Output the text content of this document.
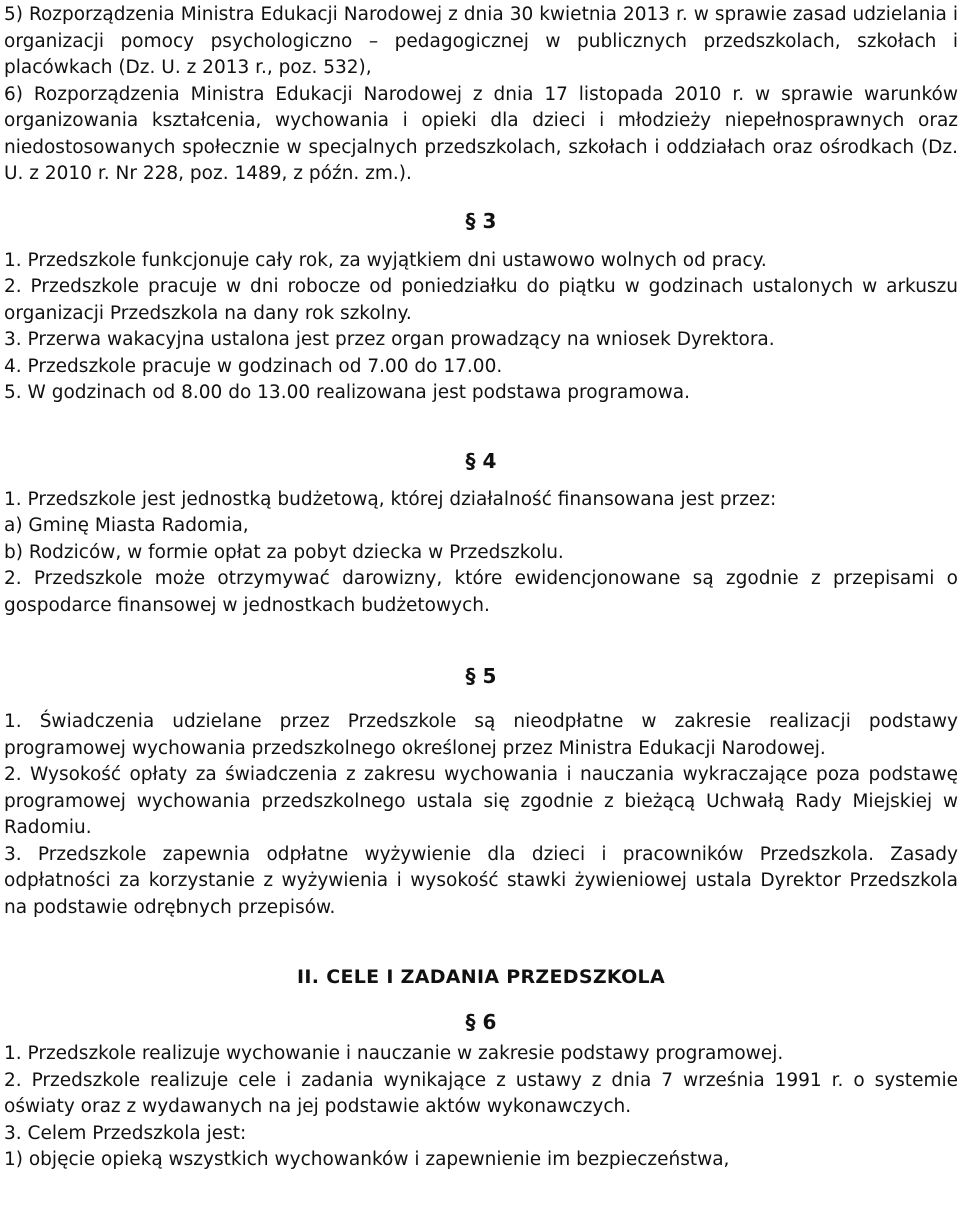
5) Rozporządzenia Ministra Edukacji Narodowej z dnia 30 kwietnia 2013 r. w sprawie zasad udzielania i organizacji pomocy psychologiczno – pedagogicznej w publicznych przedszkolach, szkołach i placówkach (Dz. U. z 2013 r., poz. 532),

6) Rozporządzenia Ministra Edukacji Narodowej z dnia 17 listopada 2010 r. w sprawie warunków organizowania kształcenia, wychowania i opieki dla dzieci i młodzieży niepełnosprawnych oraz niedostosowanych społecznie w specjalnych przedszkolach, szkołach i oddziałach oraz ośrodkach (Dz. U. z 2010 r. Nr 228, poz. 1489, z późn. zm.).

§ 3

1. Przedszkole funkcjonuje cały rok, za wyjątkiem dni ustawowo wolnych od pracy.

2. Przedszkole pracuje w dni robocze od poniedziałku do piątku w godzinach ustalonych w arkuszu organizacji Przedszkola na dany rok szkolny.

3. Przerwa wakacyjna ustalona jest przez organ prowadzący na wniosek Dyrektora.

4. Przedszkole pracuje w godzinach od 7.00 do 17.00.

5. W godzinach od 8.00 do 13.00 realizowana jest podstawa programowa.

§ 4

1. Przedszkole jest jednostką budżetową, której działalność finansowana jest przez:

a) Gminę Miasta Radomia,

b) Rodziców, w formie opłat za pobyt dziecka w Przedszkolu.

2. Przedszkole może otrzymywać darowizny, które ewidencjonowane są zgodnie z przepisami o gospodarce finansowej w jednostkach budżetowych.

§ 5

1. Świadczenia udzielane przez Przedszkole są nieodpłatne w zakresie realizacji podstawy programowej wychowania przedszkolnego określonej przez Ministra Edukacji Narodowej.

2. Wysokość opłaty za świadczenia z zakresu wychowania i nauczania wykraczające poza podstawę programowej wychowania przedszkolnego ustala się zgodnie z bieżącą Uchwałą Rady Miejskiej w Radomiu.

3. Przedszkole zapewnia odpłatne wyżywienie dla dzieci i pracowników Przedszkola. Zasady odpłatności za korzystanie z wyżywienia i wysokość stawki żywieniowej ustala Dyrektor Przedszkola na podstawie odrębnych przepisów.

II. CELE I ZADANIA PRZEDSZKOLA
§ 6

1. Przedszkole realizuje wychowanie i nauczanie w zakresie podstawy programowej.

2. Przedszkole realizuje cele i zadania wynikające z ustawy z dnia 7 września 1991 r. o systemie oświaty oraz z wydawanych na jej podstawie aktów wykonawczych.

3. Celem Przedszkola jest:

1) objęcie opieką wszystkich wychowanków i zapewnienie im bezpieczeństwa,
